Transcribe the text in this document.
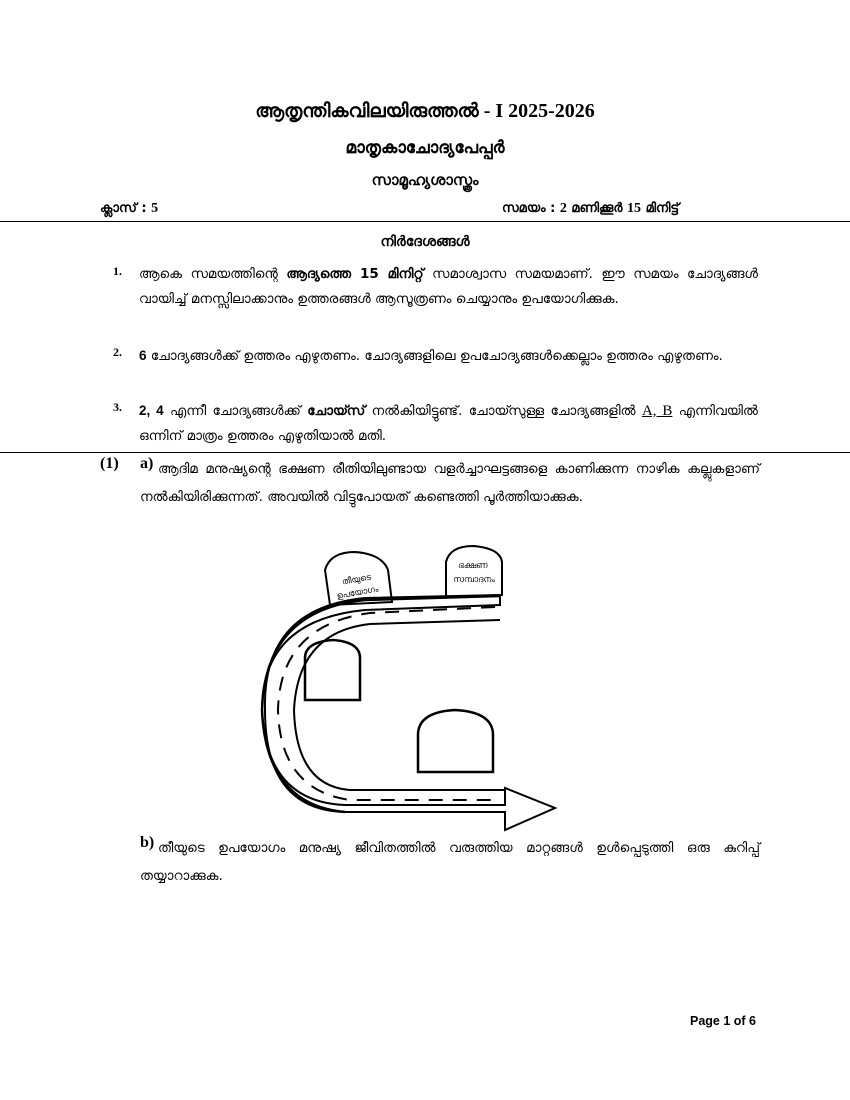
ആതൃന്തികവിലയിരുത്തൽ - I 2025-2026
മാതൃകാചോദ്യപേപ്പർ
സാമൂഹ്യശാസ്ത്രം
ക്ലാസ് : 5	സമയം : 2 മണിക്കൂർ 15 മിനിട്ട്
നിർദേശങ്ങൾ
1. ആകെ സമയത്തിന്റെ ആദ്യത്തെ 15 മിനിറ്റ് സമാശ്വാസ സമയമാണ്. ഈ സമയം ചോദ്യങ്ങൾ വായിച്ച് മനസ്സിലാക്കാനും ഉത്തരങ്ങൾ ആസൂത്രണം ചെയ്യാനും ഉപയോഗിക്കുക.
2. 6 ചോദ്യങ്ങൾക്ക് ഉത്തരം എഴുതണം. ചോദ്യങ്ങളിലെ ഉപചോദ്യങ്ങൾക്കെല്ലാം ഉത്തരം എഴുതണം.
3. 2, 4 എന്നീ ചോദ്യങ്ങൾക്ക് ചോയ്സ് നൽകിയിട്ടുണ്ട്. ചോയ്സുള്ള ചോദ്യങ്ങളിൽ A, B എന്നിവയിൽ ഒന്നിന് മാത്രം ഉത്തരം എഴുതിയാൽ മതി.
(1) a) ആദിമ മനുഷ്യന്റെ ഭക്ഷണ രീതിയിലുണ്ടായ വളർച്ചാഘട്ടങ്ങളെ കാണിക്കുന്ന നാഴിക കല്ലുകളാണ് നൽകിയിരിക്കുന്നത്. അവയിൽ വിട്ടുപോയത് കണ്ടെത്തി പൂർത്തിയാക്കുക.
തീയുടെ
ഉപയോഗം
ഭക്ഷണ
സമ്പാദനം
b) തീയുടെ ഉപയോഗം മനുഷ്യ ജീവിതത്തിൽ വരുത്തിയ മാറ്റങ്ങൾ ഉൾപ്പെടുത്തി ഒരു കുറിപ്പ് തയ്യാറാക്കുക.
Page 1 of 6
